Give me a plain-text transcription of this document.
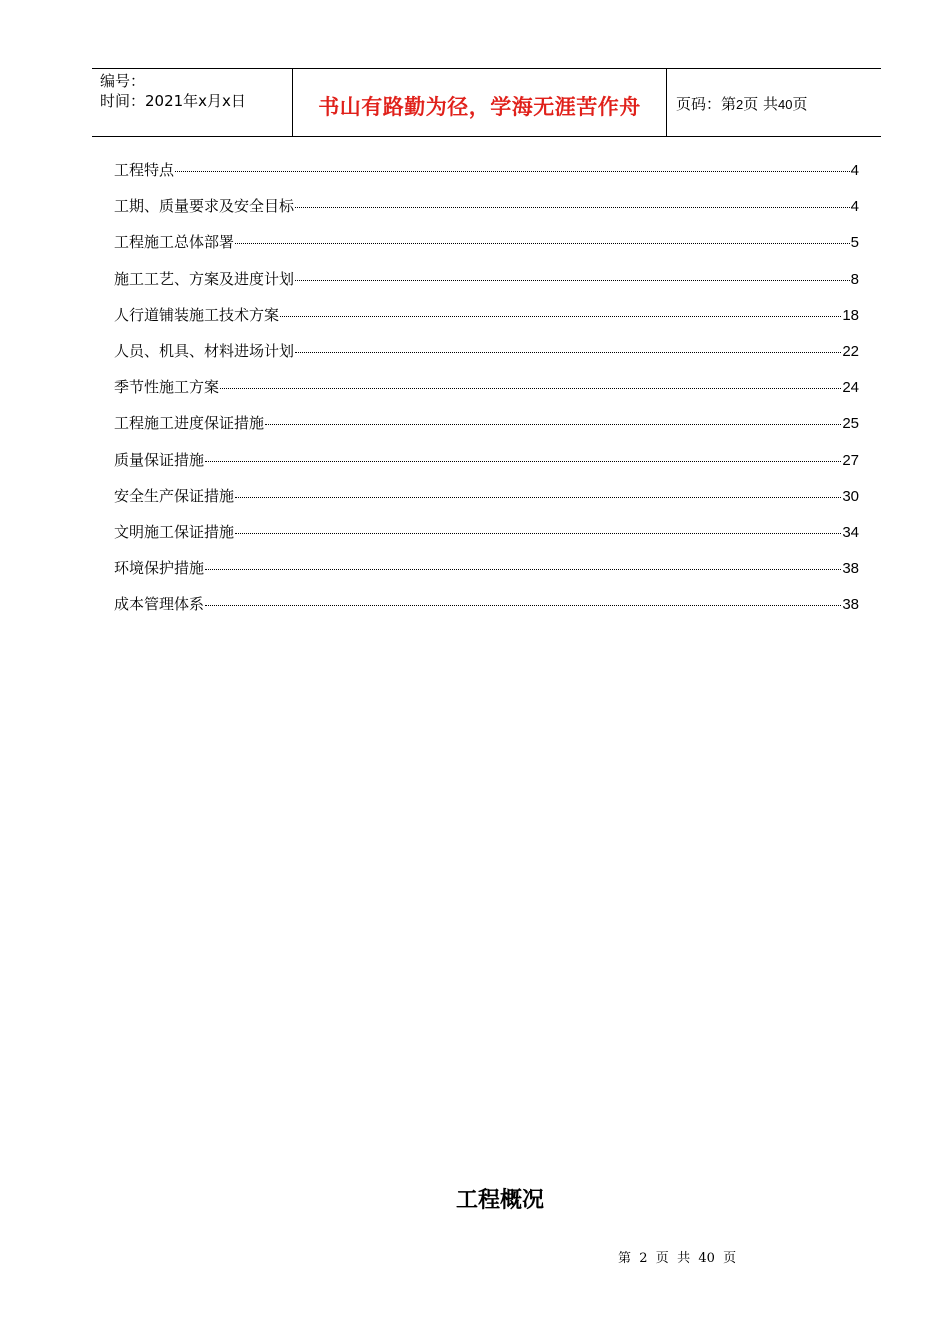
编号：
时间：2021年x月x日	书山有路勤为径，学海无涯苦作舟	页码：第2页 共40页
工程特点	4
工期、质量要求及安全目标	4
工程施工总体部署	5
施工工艺、方案及进度计划	8
人行道铺装施工技术方案	18
人员、机具、材料进场计划	22
季节性施工方案	24
工程施工进度保证措施	25
质量保证措施	27
安全生产保证措施	30
文明施工保证措施	34
环境保护措施	38
成本管理体系	38
工程概况
第  2  页  共  40  页
